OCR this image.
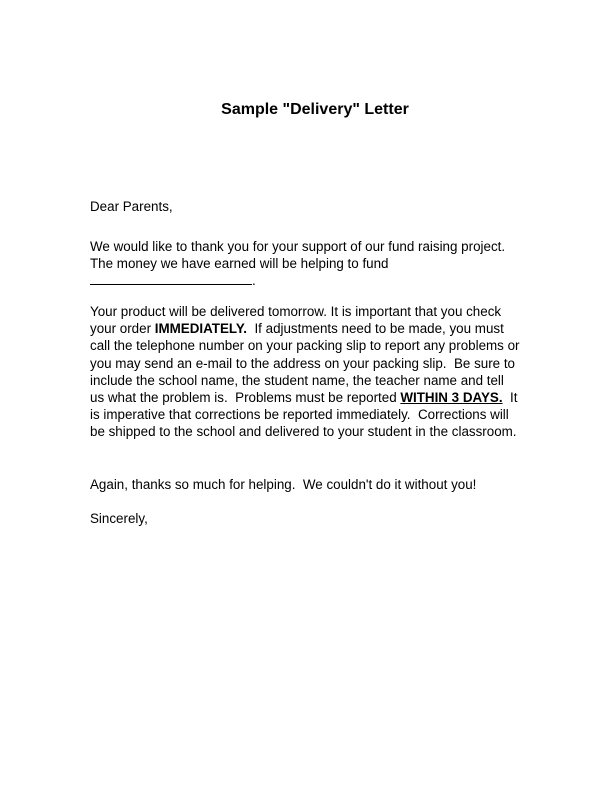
Sample "Delivery" Letter
Dear Parents,
We would like to thank you for your support of our fund raising project.
The money we have earned will be helping to fund
.
Your product will be delivered tomorrow. It is important that you check
your order IMMEDIATELY.  If adjustments need to be made, you must
call the telephone number on your packing slip to report any problems or
you may send an e-mail to the address on your packing slip.  Be sure to
include the school name, the student name, the teacher name and tell
us what the problem is.  Problems must be reported WITHIN 3 DAYS.  It
is imperative that corrections be reported immediately.  Corrections will
be shipped to the school and delivered to your student in the classroom.
Again, thanks so much for helping.  We couldn't do it without you!
Sincerely,
